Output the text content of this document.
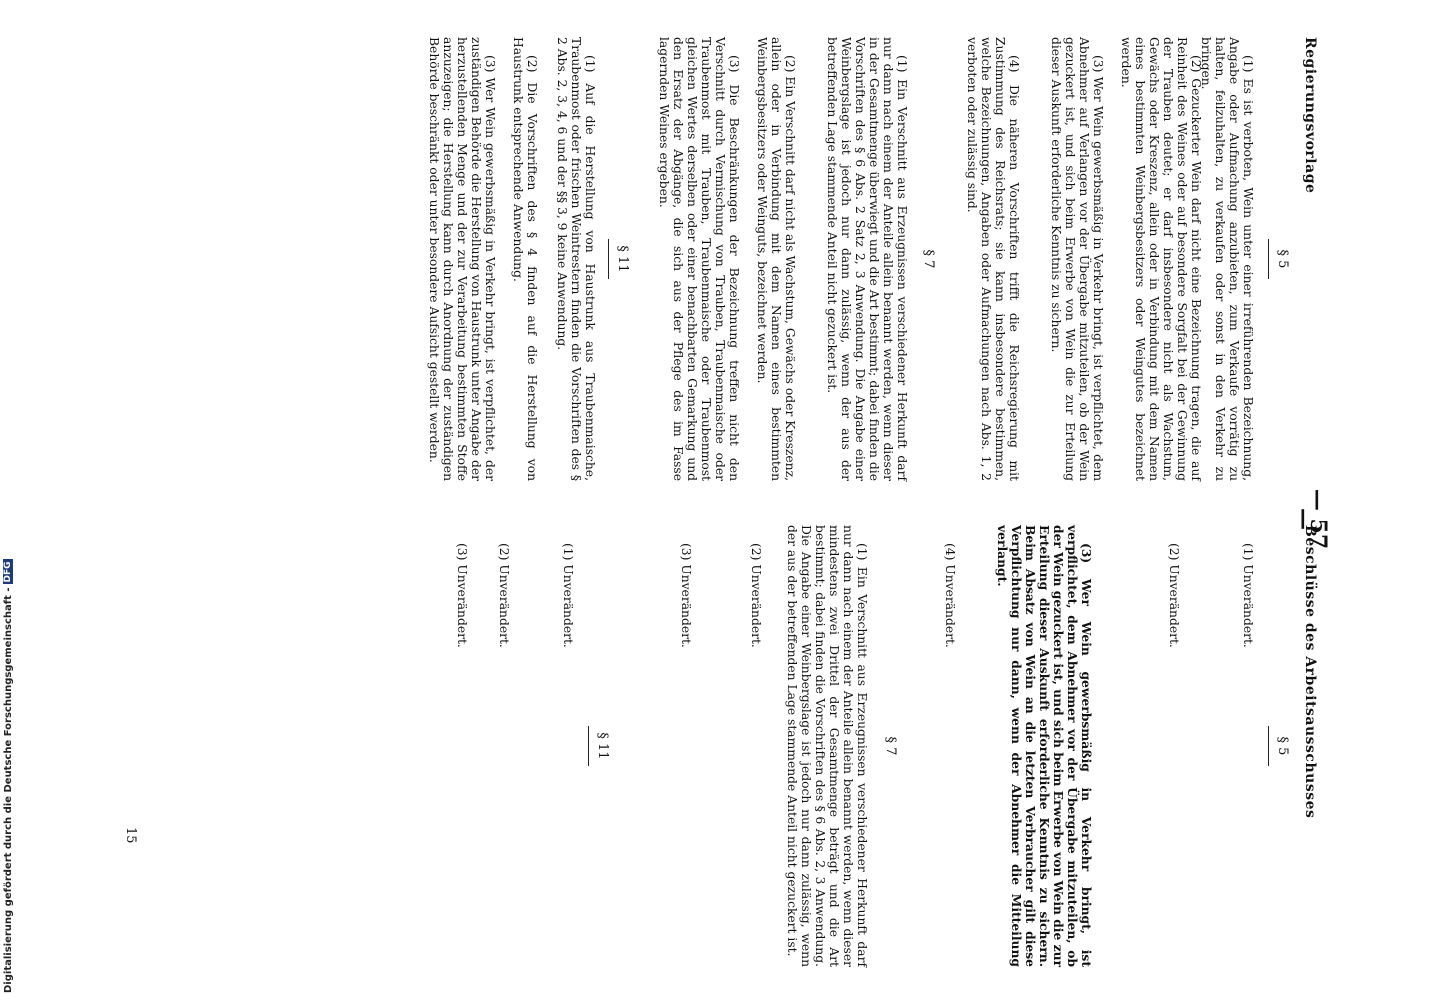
Regierungsvorlage
— 57 —
Beschlüsse des Arbeitsausschusses
§ 5

(1) Es ist verboten, Wein unter einer irreführenden Bezeichnung, Angabe oder Aufmachung anzubieten, zum Verkaufe vorrätig zu halten, feilzuhalten, zu verkaufen oder sonst in den Verkehr zu bringen.

(2) Gezuckerter Wein darf nicht eine Bezeichnung tragen, die auf Reinheit des Weines oder auf besondere Sorgfalt bei der Gewinnung der Trauben deutet; er darf insbesondere nicht als Wachstum, Gewächs oder Kreszenz, allein oder in Verbindung mit dem Namen eines bestimmten Weinbergsbesitzers oder Weingutes bezeichnet werden.

(3) Wer Wein gewerbsmäßig in Verkehr bringt, ist verpflichtet, dem Abnehmer auf Verlangen vor der Übergabe mitzuteilen, ob der Wein gezuckert ist, und sich beim Erwerbe von Wein die zur Erteilung dieser Auskunft erforderliche Kenntnis zu sichern.

(4) Die näheren Vorschriften trifft die Reichsregierung mit Zustimmung des Reichsrats; sie kann insbesondere bestimmen, welche Bezeichnungen, Angaben oder Aufmachungen nach Abs. 1, 2 verboten oder zulässig sind.

§ 7

(1) Ein Verschnitt aus Erzeugnissen verschiedener Herkunft darf nur dann nach einem der Anteile allein benannt werden, wenn dieser in der Gesamtmenge überwiegt und die Art bestimmt; dabei finden die Vorschriften des § 6 Abs. 2 Satz 2, 3 Anwendung. Die Angabe einer Weinbergslage ist jedoch nur dann zulässig, wenn der aus der betreffenden Lage stammende Anteil nicht gezuckert ist.

(2) Ein Verschnitt darf nicht als Wachstum, Gewächs oder Kreszenz, allein oder in Verbindung mit dem Namen eines bestimmten Weinbergsbesitzers oder Weinguts, bezeichnet werden.

(3) Die Beschränkungen der Bezeichnung treffen nicht den Verschnitt durch Vermischung von Trauben, Traubenmaische oder Traubenmost mit Trauben, Traubenmaische oder Traubenmost gleichen Wertes derselben oder einer benachbarten Gemarkung und den Ersatz der Abgänge, die sich aus der Pflege des im Fasse lagernden Weines ergeben.

§ 11

(1) Auf die Herstellung von Haustrunk aus Traubenmaische, Traubenmost oder frischen Weintrestern finden die Vorschriften des § 2 Abs. 2, 3, 4, 6 und der §§ 3, 9 keine Anwendung.

(2) Die Vorschriften des § 4 finden auf die Herstellung von Haustrunk entsprechende Anwendung.

(3) Wer Wein gewerbsmäßig in Verkehr bringt, ist verpflichtet, der zuständigen Behörde die Herstellung von Haustrunk unter Angabe der herzustellenden Menge und der zur Verarbeitung bestimmten Stoffe anzuzeigen; die Herstellung kann durch Anordnung der zuständigen Behörde beschränkt oder unter besondere Aufsicht gestellt werden.

§ 5

(1) Unverändert.

(2) Unverändert.

(3) Wer Wein gewerbsmäßig in Verkehr bringt, ist verpflichtet, dem Abnehmer vor der Übergabe mitzuteilen, ob der Wein gezuckert ist, und sich beim Erwerbe von Wein die zur Erteilung dieser Auskunft erforderliche Kenntnis zu sichern. Beim Absatz von Wein an die letzten Verbraucher gilt diese Verpflichtung nur dann, wenn der Abnehmer die Mitteilung verlangt.

(4) Unverändert.

§ 7

(1) Ein Verschnitt aus Erzeugnissen verschiedener Herkunft darf nur dann nach einem der Anteile allein benannt werden, wenn dieser mindestens zwei Drittel der Gesamtmenge beträgt und die Art bestimmt; dabei finden die Vorschriften des § 6 Abs. 2, 3 Anwendung. Die Angabe einer Weinbergslage ist jedoch nur dann zulässig, wenn der aus der betreffenden Lage stammende Anteil nicht gezuckert ist.

(2) Unverändert.

(3) Unverändert.

§ 11

(1) Unverändert.

(2) Unverändert.

(3) Unverändert.

15
Digitalisierung gefördert durch die Deutsche Forschungsgemeinschaft -DFG
